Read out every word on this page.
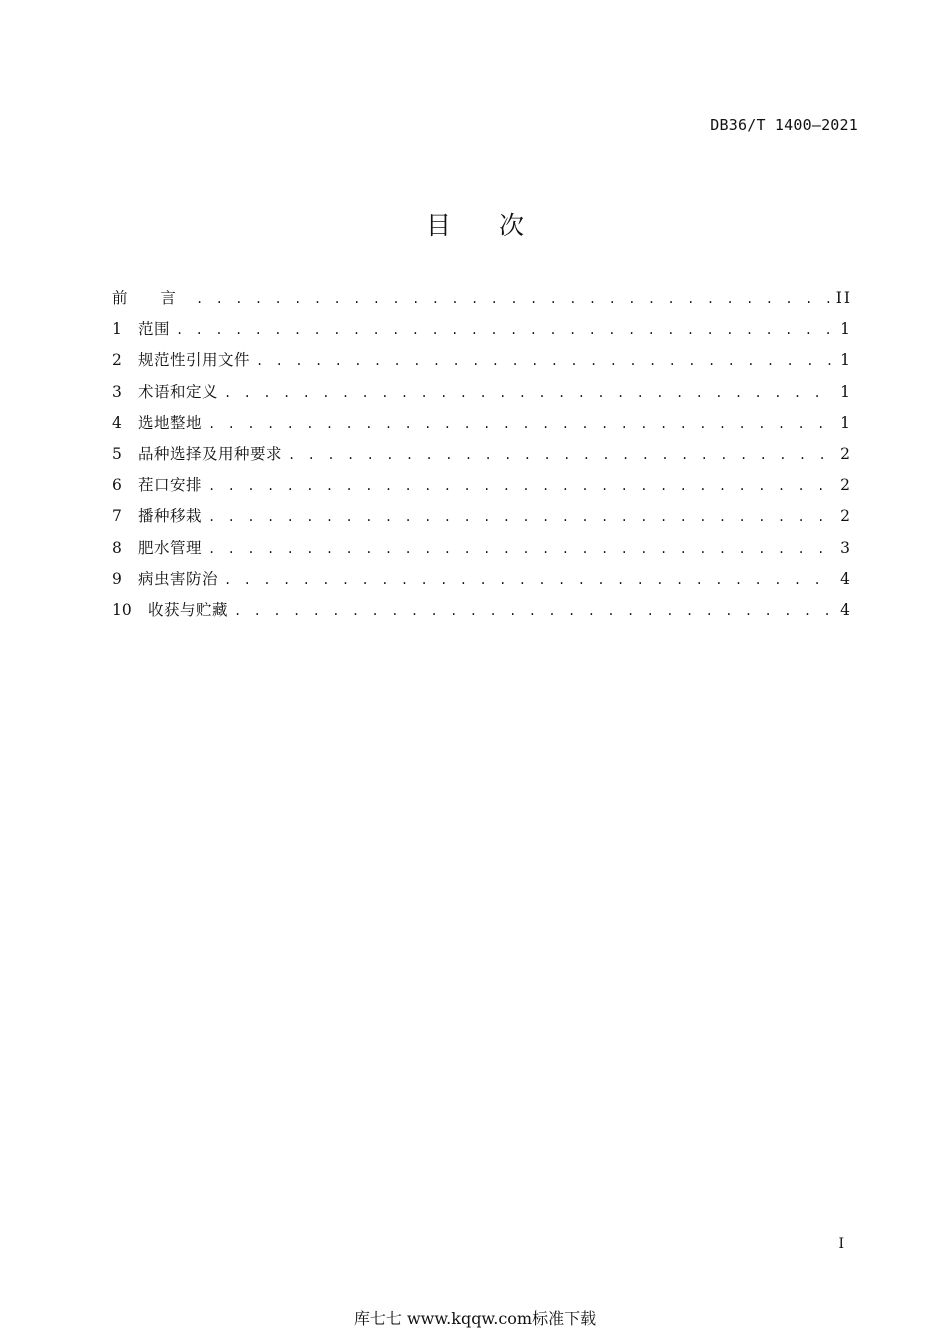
DB36/T 1400—2021
目 次
前 言 . . .	II
1	范围 . . .	1
2	规范性引用文件 . . .	1
3	术语和定义 . . .	1
4	选地整地 . . .	1
5	品种选择及用种要求 . . .	2
6	茬口安排 . . .	2
7	播种移栽 . . .	2
8	肥水管理 . . .	3
9	病虫害防治 . . .	4
10	收获与贮藏 . . .	4
I
库七七 www.kqqw.com标准下载
